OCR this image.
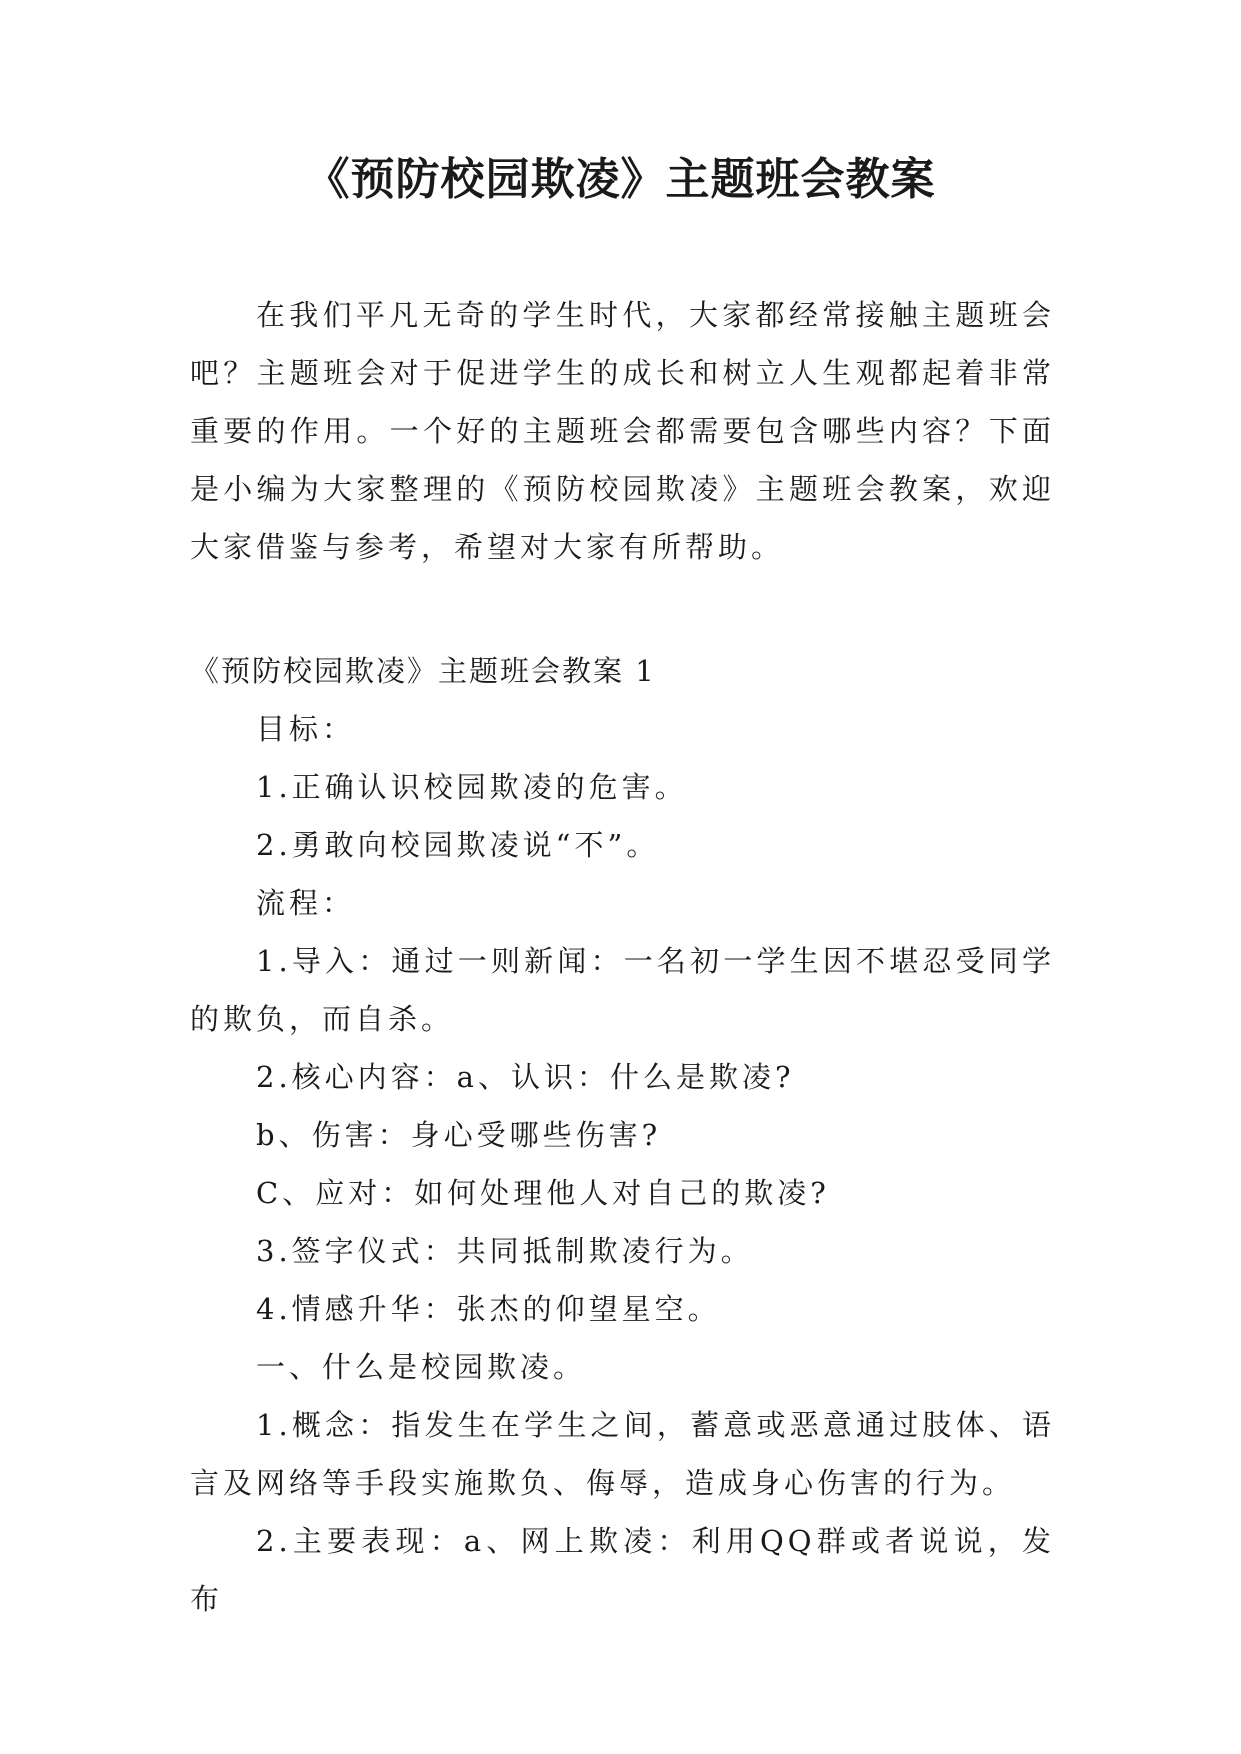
《预防校园欺凌》主题班会教案

在我们平凡无奇的学生时代，大家都经常接触主题班会吧？主题班会对于促进学生的成长和树立人生观都起着非常重要的作用。一个好的主题班会都需要包含哪些内容？下面是小编为大家整理的《预防校园欺凌》主题班会教案，欢迎大家借鉴与参考，希望对大家有所帮助。

《预防校园欺凌》主题班会教案 1

目标：

1.正确认识校园欺凌的危害。

2.勇敢向校园欺凌说“不”。

流程：

1.导入：通过一则新闻：一名初一学生因不堪忍受同学的欺负，而自杀。

2.核心内容：a、认识：什么是欺凌?

b、伤害：身心受哪些伤害?

C、应对：如何处理他人对自己的欺凌?

3.签字仪式：共同抵制欺凌行为。

4.情感升华：张杰的仰望星空。

一、什么是校园欺凌。

1.概念：指发生在学生之间，蓄意或恶意通过肢体、语言及网络等手段实施欺负、侮辱，造成身心伤害的行为。

2.主要表现：a、网上欺凌：利用QQ群或者说说，发布
